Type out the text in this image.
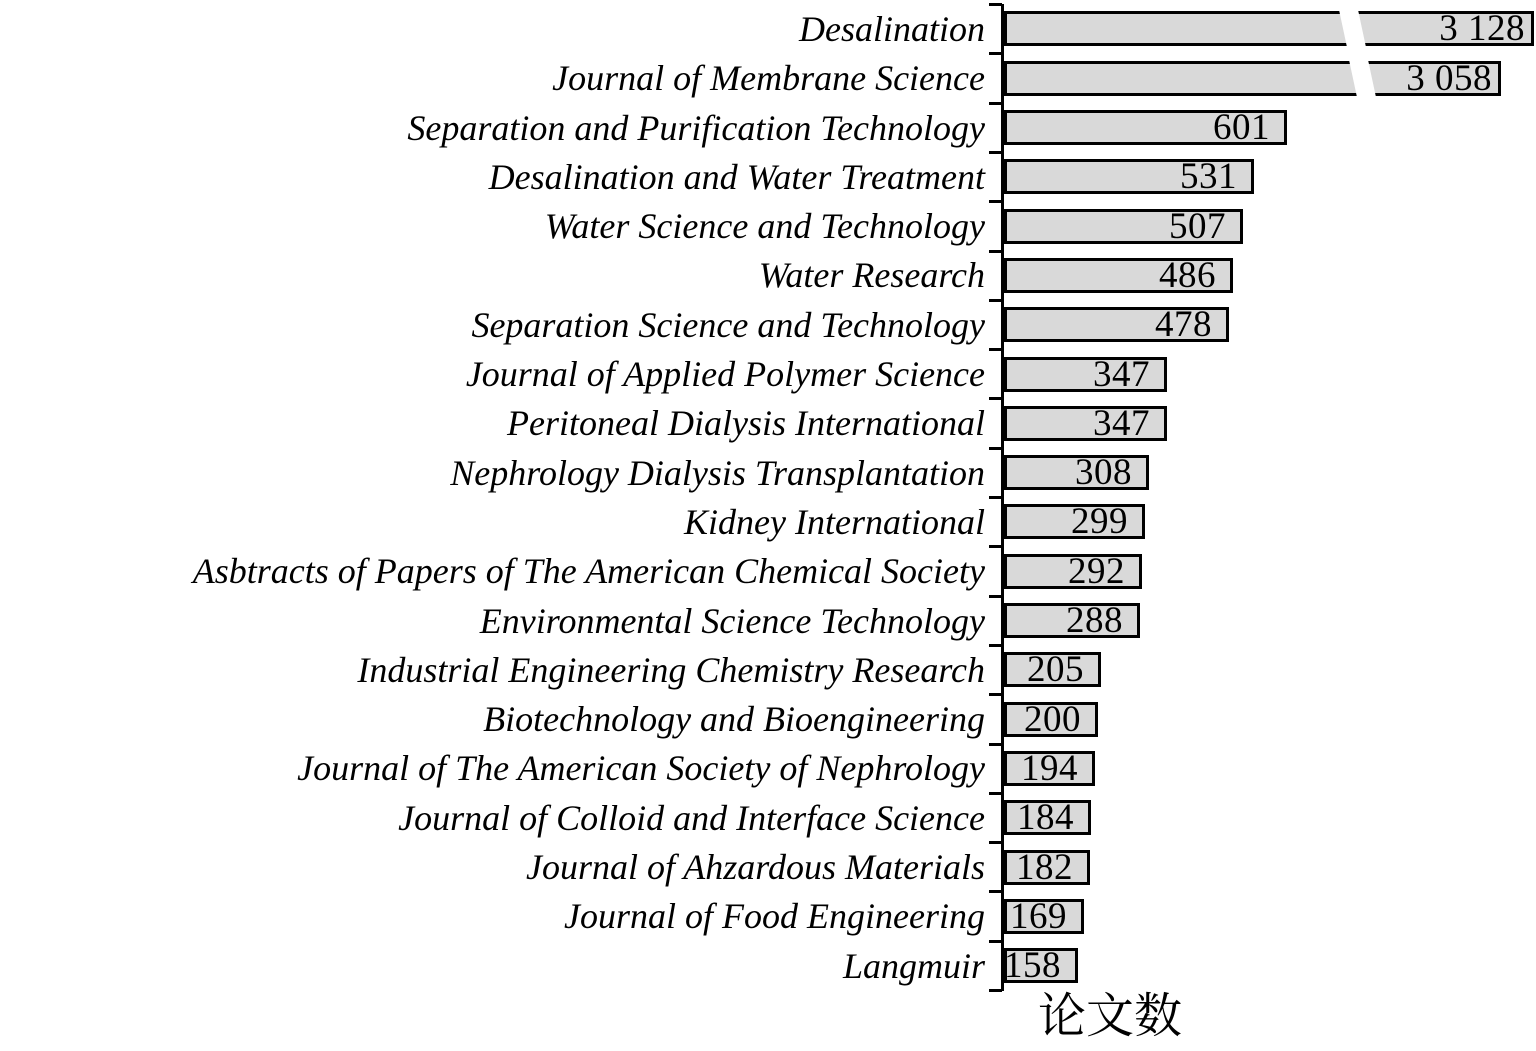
Desalination	3 128
Journal of Membrane Science	3 058
Separation and Purification Technology	601
Desalination and Water Treatment	531
Water Science and Technology	507
Water Research	486
Separation Science and Technology	478
Journal of Applied Polymer Science	347
Peritoneal Dialysis International	347
Nephrology Dialysis Transplantation 308
Kidney International 299
Asbtracts of Papers of The American Chemical Society 292
Environmental Science Technology 288
Industrial Engineering Chemistry Research 205
Biotechnology and Bioengineering 200
Journal of The American Society of Nephrology 194
Journal of Colloid and Interface Science 184
Journal of Ahzardous Materials 182
Journal of Food Engineering 169
Langmuir 158
论文数
